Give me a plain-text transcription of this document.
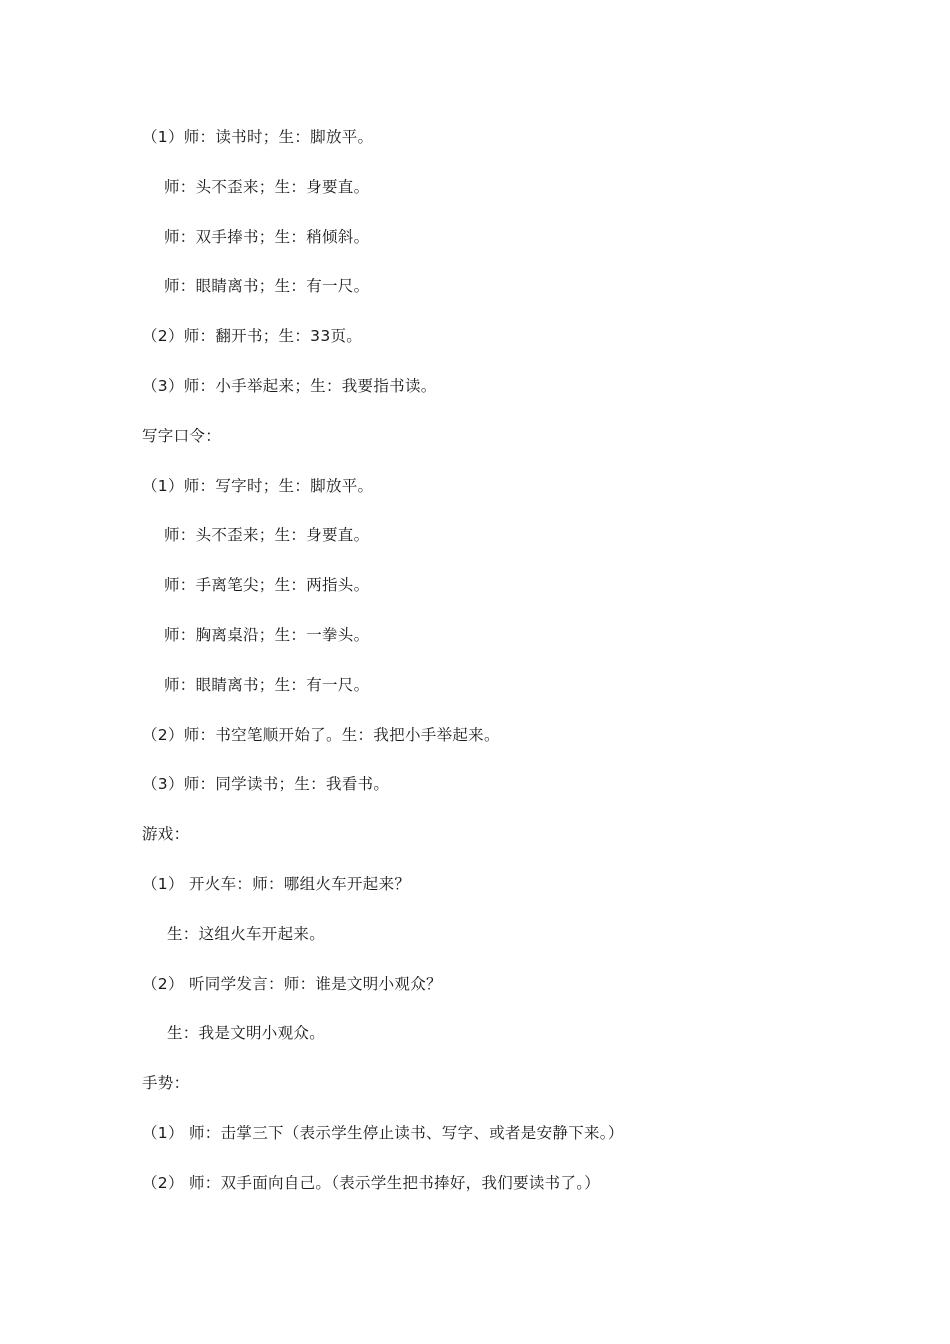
（1）师：读书时；生：脚放平。
师：头不歪来；生：身要直。
师：双手捧书；生：稍倾斜。
师：眼睛离书；生：有一尺。
（2）师：翻开书；生：33页。
（3）师：小手举起来；生：我要指书读。
写字口令：
（1）师：写字时；生：脚放平。
师：头不歪来；生：身要直。
师：手离笔尖；生：两指头。
师：胸离桌沿；生：一拳头。
师：眼睛离书；生：有一尺。
（2）师：书空笔顺开始了。生：我把小手举起来。
（3）师：同学读书；生：我看书。
游戏：
（1） 开火车：师：哪组火车开起来？
生：这组火车开起来。
（2） 听同学发言：师：谁是文明小观众？
生：我是文明小观众。
手势：
（1） 师：击掌三下（表示学生停止读书、写字、或者是安静下来。）
（2） 师：双手面向自己。（表示学生把书捧好，我们要读书了。）
